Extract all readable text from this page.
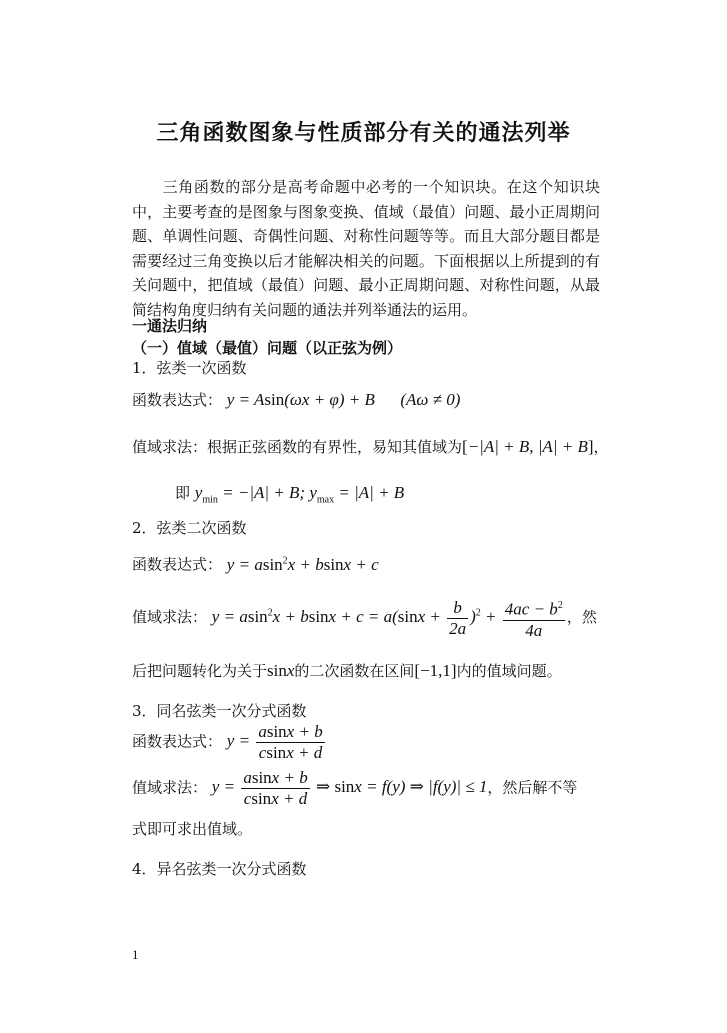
三角函数图象与性质部分有关的通法列举

三角函数的部分是高考命题中必考的一个知识块。在这个知识块中，主要考查的是图象与图象变换、值域（最值）问题、最小正周期问题、单调性问题、奇偶性问题、对称性问题等等。而且大部分题目都是需要经过三角变换以后才能解决相关的问题。下面根据以上所提到的有关问题中，把值域（最值）问题、最小正周期问题、对称性问题，从最简结构角度归纳有关问题的通法并列举通法的运用。

一通法归纳
（一）值域（最值）问题（以正弦为例）
1．弦类一次函数
函数表达式： y = Asin(ωx + φ) + B      (Aω ≠ 0)
值域求法：根据正弦函数的有界性，易知其值域为[−|A| + B, |A| + B]，
即 $y_{min} = -|A| + B$; $y_{max} = |A| + B$
2．弦类二次函数
函数表达式： y = asin$^2$x + bsinx + c
值域求法： $y = asin^2x + bsinx + c = a(\sin x + \frac{b}{2a} )^2 + \frac{4ac - b^2}{4a}$ ，然
后把问题转化为关于sinx的二次函数在区间[−1,1]内的值域问题。
3．同名弦类一次分式函数
函数表达式： $y = \frac{asinx + b}{csinx + d}$
值域求法： $y = \frac{asinx + b}{csinx + d}$ ⇒ sinx = f(y) ⇒ |f(y)| ≤ 1，然后解不等
式即可求出值域。
4．异名弦类一次分式函数
1
